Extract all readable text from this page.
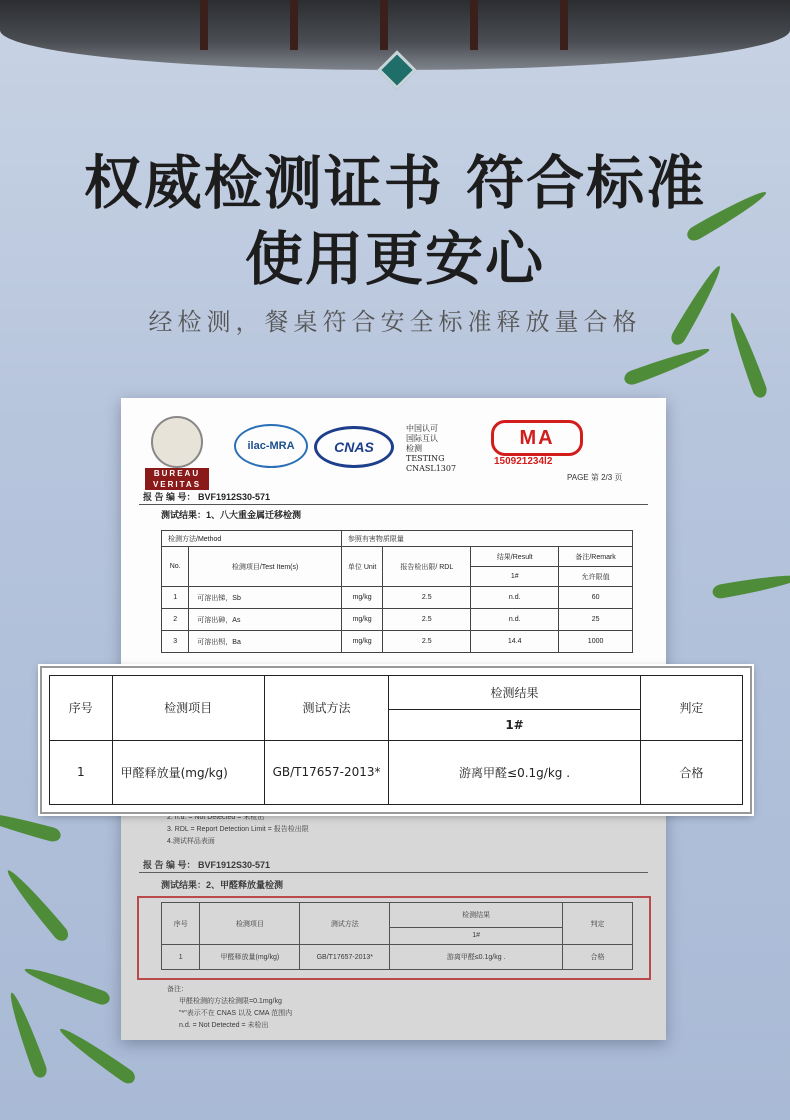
权威检测证书 符合标准
使用更安心
经检测，餐桌符合安全标准释放量合格
BUREAU
VERITAS
ilac-MRA	CNAS
中国认可
国际互认
检测
TESTING
CNASL1307
MA
150921234l2
PAGE 第 2/3 页
报 告 编 号： BVF1912S30-571
测试结果：1、八大重金属迁移检测
检测方法/Method		参照有害物质限量			
No.	检测项目/Test Item(s)	单位 Unit	报告检出限/ RDL	结果/Result	备注/Remark
				1#	允许限值
1	可溶出锑，Sb	mg/kg	2.5	n.d.	60
2	可溶出砷，As	mg/kg	2.5	n.d.	25
3	可溶出钡，Ba	mg/kg	2.5	14.4	1000
2. n.d. = Not Detected = 未检出
3. RDL = Report Detection Limit = 报告检出限
4.测试样品表面
报 告 编 号： BVF1912S30-571
测试结果：2、甲醛释放量检测
序号	检测项目	测试方法	检测结果	判定
			1#	
1	甲醛释放量(mg/kg)	GB/T17657-2013*	游离甲醛≤0.1g/kg .	合格
备注：
甲醛检测的方法检测限=0.1mg/kg
"*"表示不在 CNAS 以及 CMA 范围内
n.d. = Not Detected = 未检出
序号	检测项目	测试方法	检测结果	判定
			1#	
1	甲醛释放量(mg/kg)	GB/T17657-2013*	游离甲醛≤0.1g/kg .	合格
